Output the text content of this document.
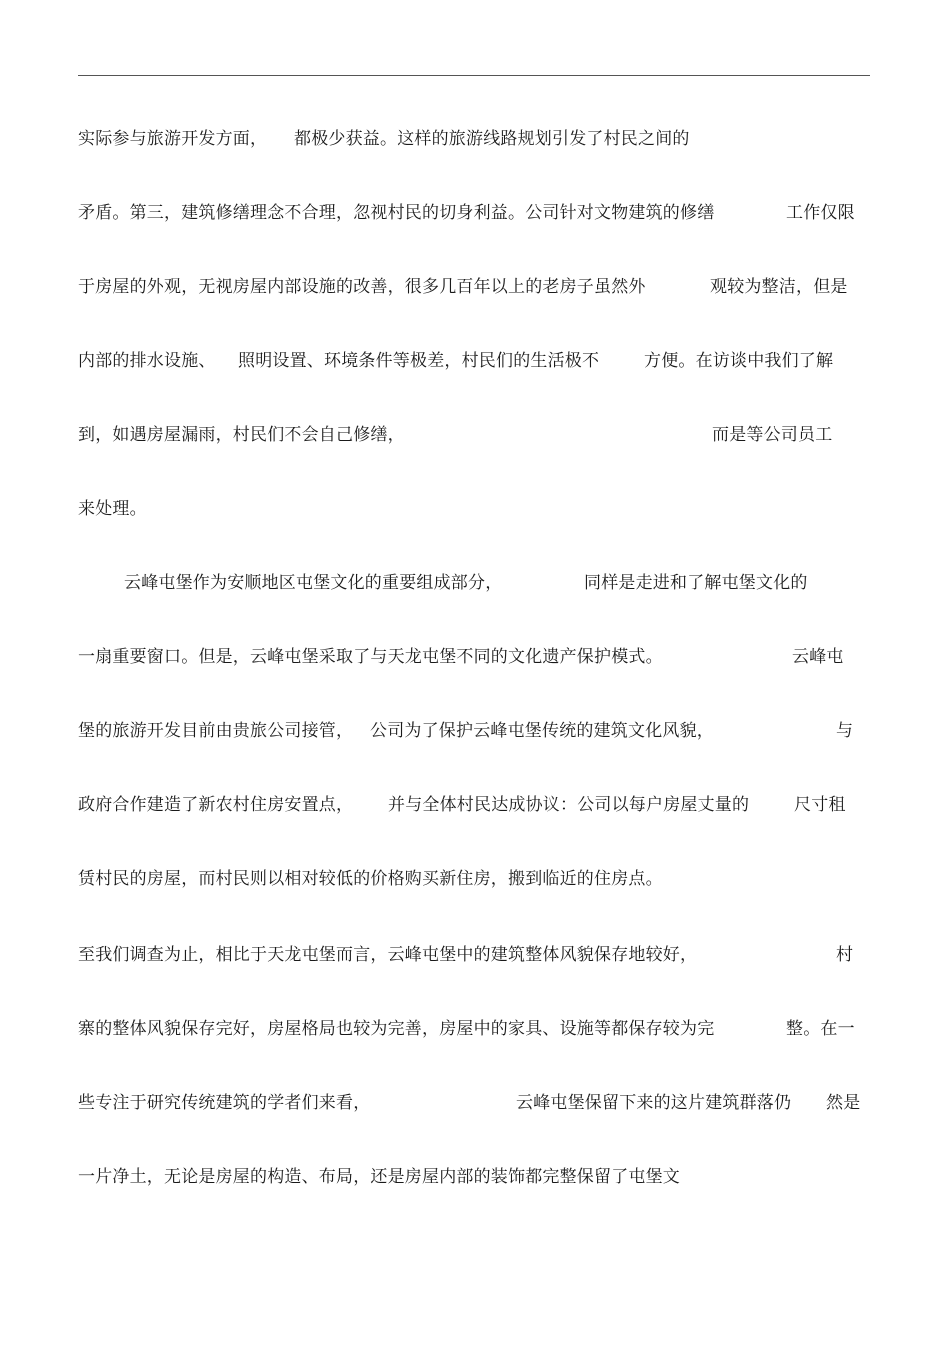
实际参与旅游开发方面， 都极少获益。这样的旅游线路规划引发了村民之间的
矛盾。第三，建筑修缮理念不合理，忽视村民的切身利益。公司针对文物建筑的修缮	工作仅限
于房屋的外观，无视房屋内部设施的改善，很多几百年以上的老房子虽然外	观较为整洁，但是
内部的排水设施、 照明设置、环境条件等极差，村民们的生活极不	方便。在访谈中我们了解
到，如遇房屋漏雨，村民们不会自己修缮，	而是等公司员工
来处理。
云峰屯堡作为安顺地区屯堡文化的重要组成部分，	同样是走进和了解屯堡文化的
一扇重要窗口。但是，云峰屯堡采取了与天龙屯堡不同的文化遗产保护模式。	云峰屯
堡的旅游开发目前由贵旅公司接管， 公司为了保护云峰屯堡传统的建筑文化风貌，	与
政府合作建造了新农村住房安置点， 并与全体村民达成协议：公司以每户房屋丈量的	尺寸租
赁村民的房屋，而村民则以相对较低的价格购买新住房，搬到临近的住房点。
至我们调查为止，相比于天龙屯堡而言，云峰屯堡中的建筑整体风貌保存地较好，	村
寨的整体风貌保存完好，房屋格局也较为完善，房屋中的家具、设施等都保存较为完	整。在一
些专注于研究传统建筑的学者们来看，	云峰屯堡保留下来的这片建筑群落仍 然是
一片净土，无论是房屋的构造、布局，还是房屋内部的装饰都完整保留了屯堡文
